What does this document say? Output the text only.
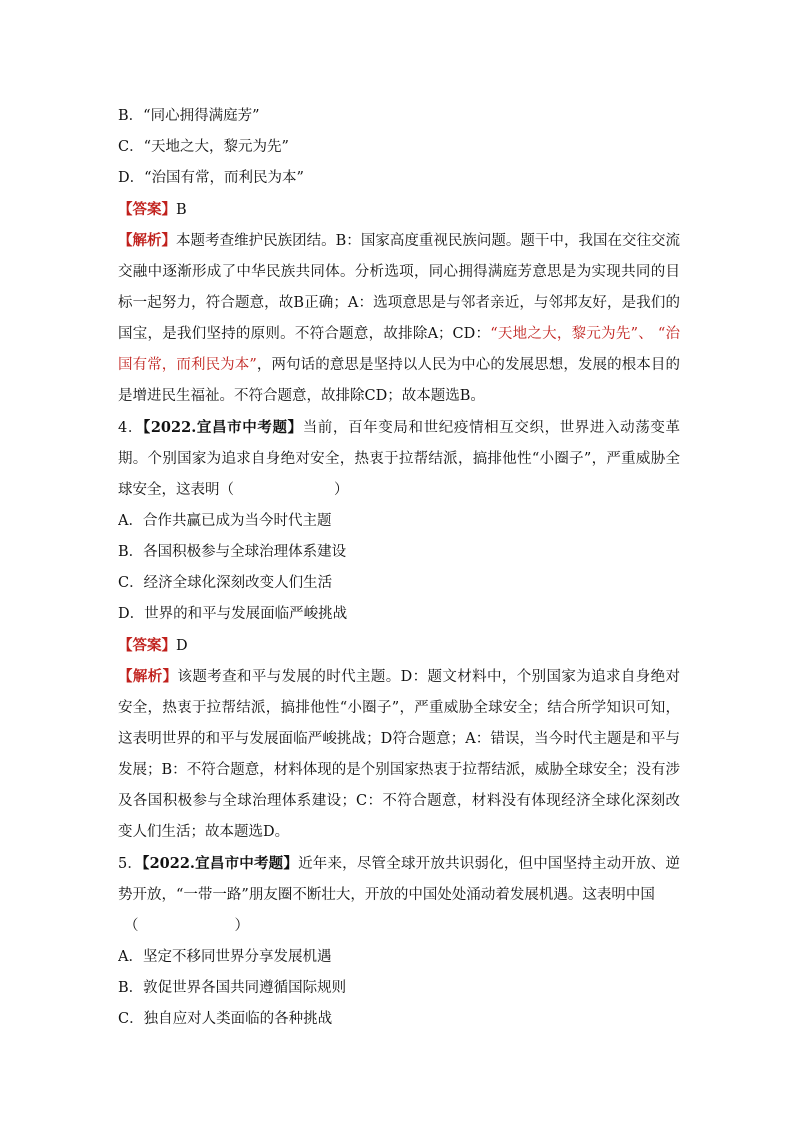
B．“同心拥得满庭芳”
C．“天地之大，黎元为先”
D．“治国有常，而利民为本”
【答案】B
【解析】本题考查维护民族团结。B：国家高度重视民族问题。题干中，我国在交往交流交融中逐渐形成了中华民族共同体。分析选项，同心拥得满庭芳意思是为实现共同的目标一起努力，符合题意，故B正确；A：选项意思是与邻者亲近，与邻邦友好，是我们的国宝，是我们坚持的原则。不符合题意，故排除A；CD：“天地之大，黎元为先”、 “治国有常，而利民为本”，两句话的意思是坚持以人民为中心的发展思想，发展的根本目的是增进民生福祉。不符合题意，故排除CD；故本题选B。
4．【2022.宜昌市中考题】当前，百年变局和世纪疫情相互交织，世界进入动荡变革期。个别国家为追求自身绝对安全，热衷于拉帮结派，搞排他性“小圈子”，严重威胁全球安全，这表明（	）
A．合作共赢已成为当今时代主题
B．各国积极参与全球治理体系建设
C．经济全球化深刻改变人们生活
D．世界的和平与发展面临严峻挑战
【答案】D
【解析】该题考查和平与发展的时代主题。D：题文材料中，个别国家为追求自身绝对安全，热衷于拉帮结派，搞排他性“小圈子”，严重威胁全球安全；结合所学知识可知，这表明世界的和平与发展面临严峻挑战；D符合题意；A：错误，当今时代主题是和平与发展；B：不符合题意，材料体现的是个别国家热衷于拉帮结派，威胁全球安全；没有涉及各国积极参与全球治理体系建设；C：不符合题意，材料没有体现经济全球化深刻改变人们生活；故本题选D。
5．【2022.宜昌市中考题】近年来，尽管全球开放共识弱化，但中国坚持主动开放、逆势开放，“一带一路”朋友圈不断壮大，开放的中国处处涌动着发展机遇。这表明中国
（	）
A．坚定不移同世界分享发展机遇
B．敦促世界各国共同遵循国际规则
C．独自应对人类面临的各种挑战
